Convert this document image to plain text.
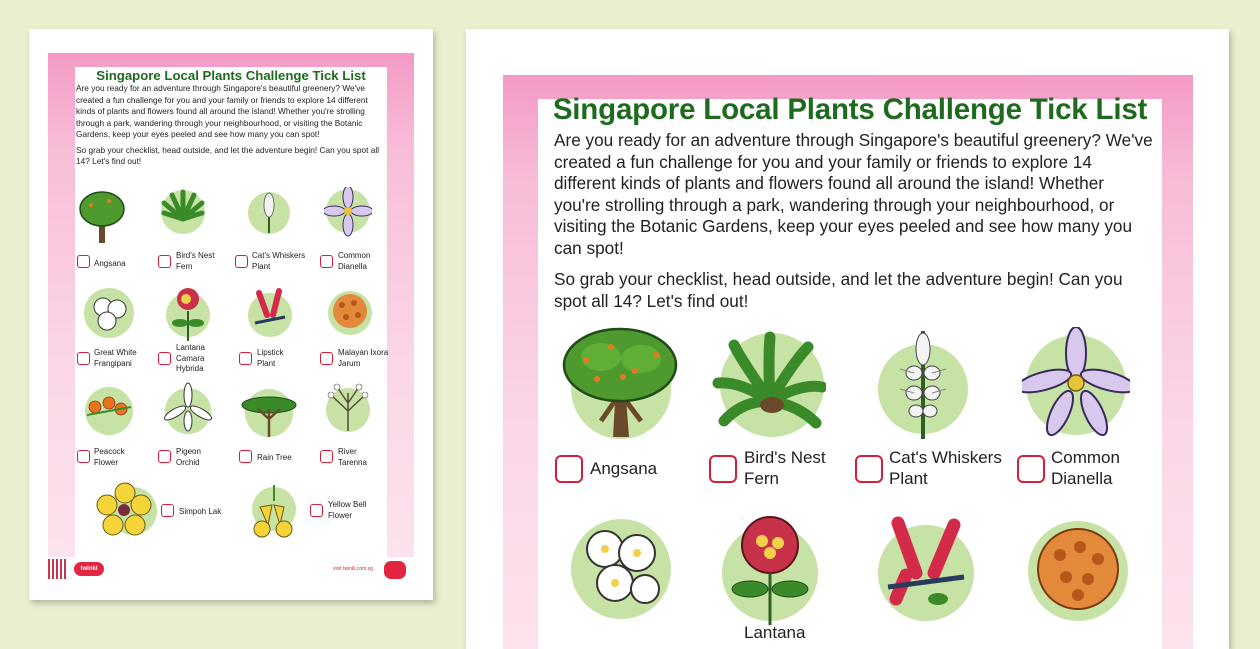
Singapore Local Plants Challenge Tick List

Are you ready for an adventure through Singapore's beautiful greenery? We've created a fun challenge for you and your family or friends to explore 14 different kinds of plants and flowers found all around the island! Whether you're strolling through a park, wandering through your neighbourhood, or visiting the Botanic Gardens, keep your eyes peeled and see how many you can spot!

So grab your checklist, head outside, and let the adventure begin! Can you spot all 14? Let's find out!

Angsana
Bird's Nest Fern
Cat's Whiskers Plant
Common Dianella
Great White Frangipani
Lantana Camara Hybrida
Lipstick Plant
Malayan Ixora Jarum
Peacock Flower
Pigeon Orchid	Rain Tree
River Tarenna
Simpoh Lak
Yellow Bell Flower
twinkl	visit twinkl.com.sg
Singapore Local Plants Challenge Tick List

Are you ready for an adventure through Singapore's beautiful greenery? We've created a fun challenge for you and your family or friends to explore 14 different kinds of plants and flowers found all around the island! Whether you're strolling through a park, wandering through your neighbourhood, or visiting the Botanic Gardens, keep your eyes peeled and see how many you can spot!

So grab your checklist, head outside, and let the adventure begin! Can you spot all 14? Let's find out!

Angsana
Bird's Nest
Fern
Cat's Whiskers
Plant
Common
Dianella
Lantana
